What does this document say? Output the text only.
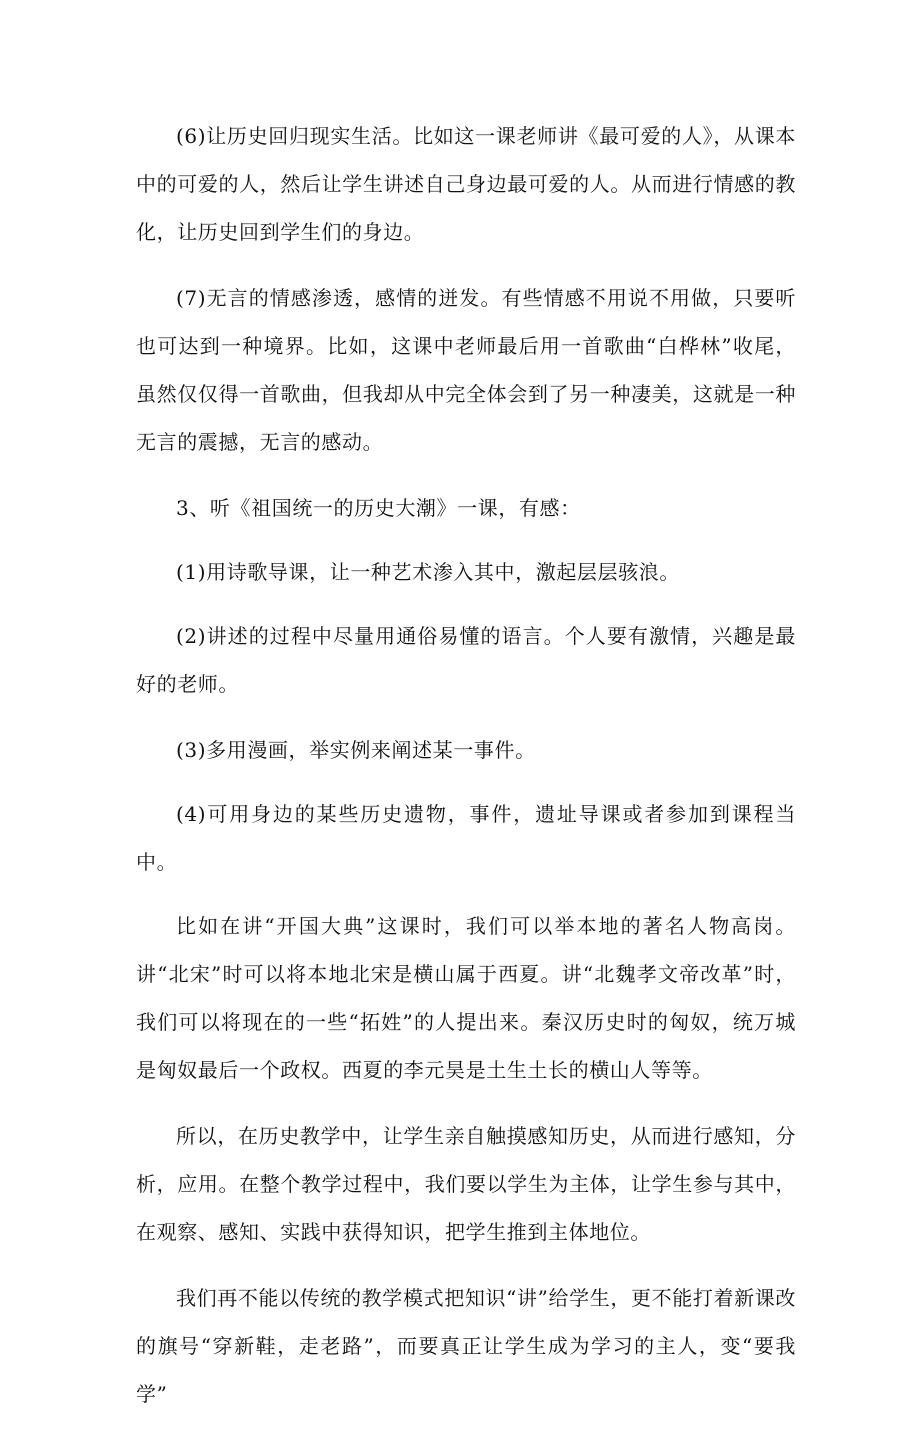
(6)让历史回归现实生活。比如这一课老师讲《最可爱的人》，从课本中的可爱的人，然后让学生讲述自己身边最可爱的人。从而进行情感的教化，让历史回到学生们的身边。

(7)无言的情感渗透，感情的迸发。有些情感不用说不用做，只要听也可达到一种境界。比如，这课中老师最后用一首歌曲“白桦林”收尾，虽然仅仅得一首歌曲，但我却从中完全体会到了另一种凄美，这就是一种无言的震撼，无言的感动。

3、听《祖国统一的历史大潮》一课，有感：

(1)用诗歌导课，让一种艺术渗入其中，激起层层骇浪。

(2)讲述的过程中尽量用通俗易懂的语言。个人要有激情，兴趣是最好的老师。

(3)多用漫画，举实例来阐述某一事件。

(4)可用身边的某些历史遗物，事件，遗址导课或者参加到课程当中。

比如在讲“开国大典”这课时，我们可以举本地的著名人物高岗。讲“北宋”时可以将本地北宋是横山属于西夏。讲“北魏孝文帝改革”时，我们可以将现在的一些“拓姓”的人提出来。秦汉历史时的匈奴，统万城是匈奴最后一个政权。西夏的李元昊是土生土长的横山人等等。

所以，在历史教学中，让学生亲自触摸感知历史，从而进行感知，分析，应用。在整个教学过程中，我们要以学生为主体，让学生参与其中，在观察、感知、实践中获得知识，把学生推到主体地位。

我们再不能以传统的教学模式把知识“讲”给学生，更不能打着新课改的旗号“穿新鞋，走老路”，而要真正让学生成为学习的主人，变“要我学”
